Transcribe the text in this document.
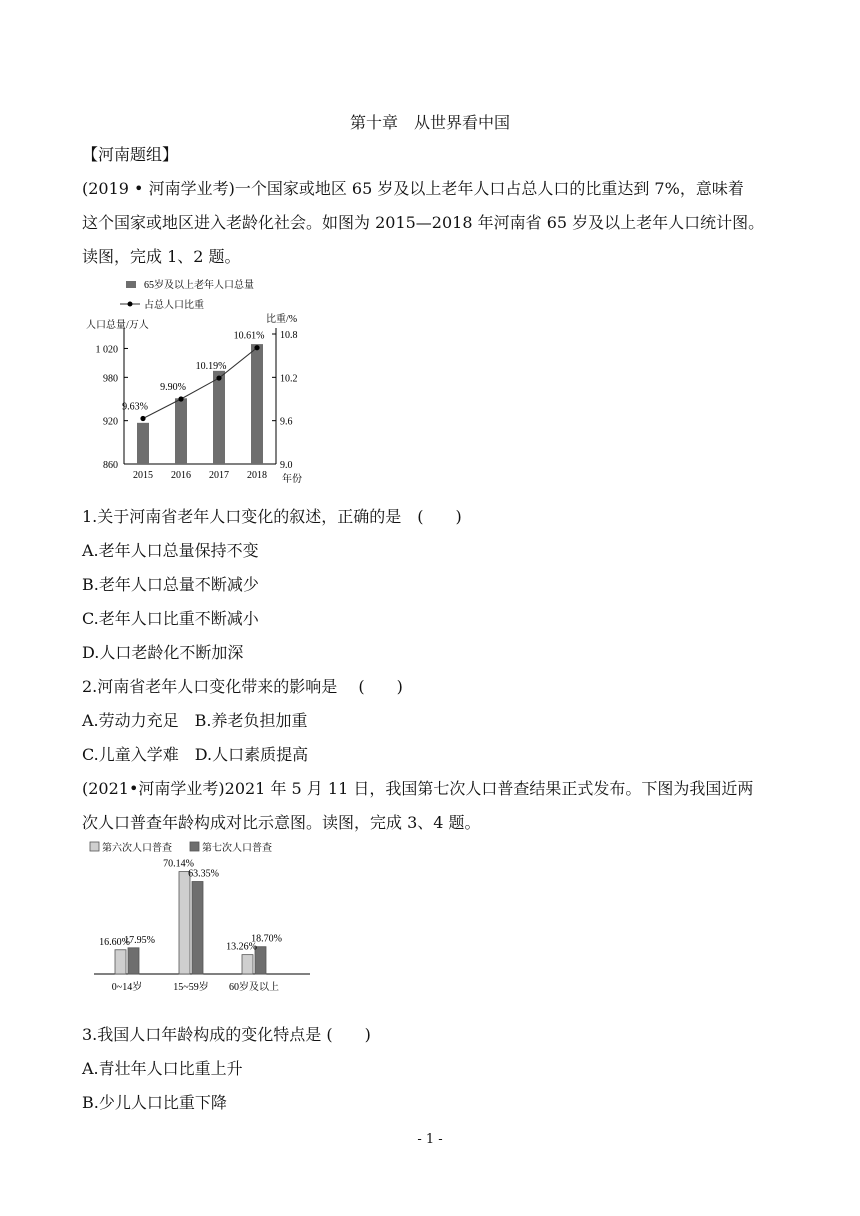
第十章　从世界看中国
【河南题组】
(2019 • 河南学业考)一个国家或地区 65 岁及以上老年人口占总人口的比重达到 7%，意味着
这个国家或地区进入老龄化社会。如图为 2015—2018 年河南省 65 岁及以上老年人口统计图。
读图，完成 1、2 题。
65岁及以上老年人口总量
占总人口比重
人口总量/万人
比重/%
年份
860
920
980
1 020
9.0
9.6
10.2
10.8
2015 2016 2017 2018
9.63%
9.90%
10.19%
10.61%
1.关于河南省老年人口变化的叙述，正确的是　(　　)
A.老年人口总量保持不变
B.老年人口总量不断减少
C.老年人口比重不断减小
D.人口老龄化不断加深
2.河南省老年人口变化带来的影响是　 (　　)
A.劳动力充足　B.养老负担加重
C.儿童入学难　D.人口素质提高
(2021•河南学业考)2021 年 5 月 11 日，我国第七次人口普查结果正式发布。下图为我国近两
次人口普查年龄构成对比示意图。读图，完成 3、4 题。
第六次人口普查	第七次人口普查
16.60%
17.95%
0~14岁
70.14%
63.35%
15~59岁
13.26%
18.70%
60岁及以上
3.我国人口年龄构成的变化特点是 (　　)
A.青壮年人口比重上升
B.少儿人口比重下降
- 1 -
